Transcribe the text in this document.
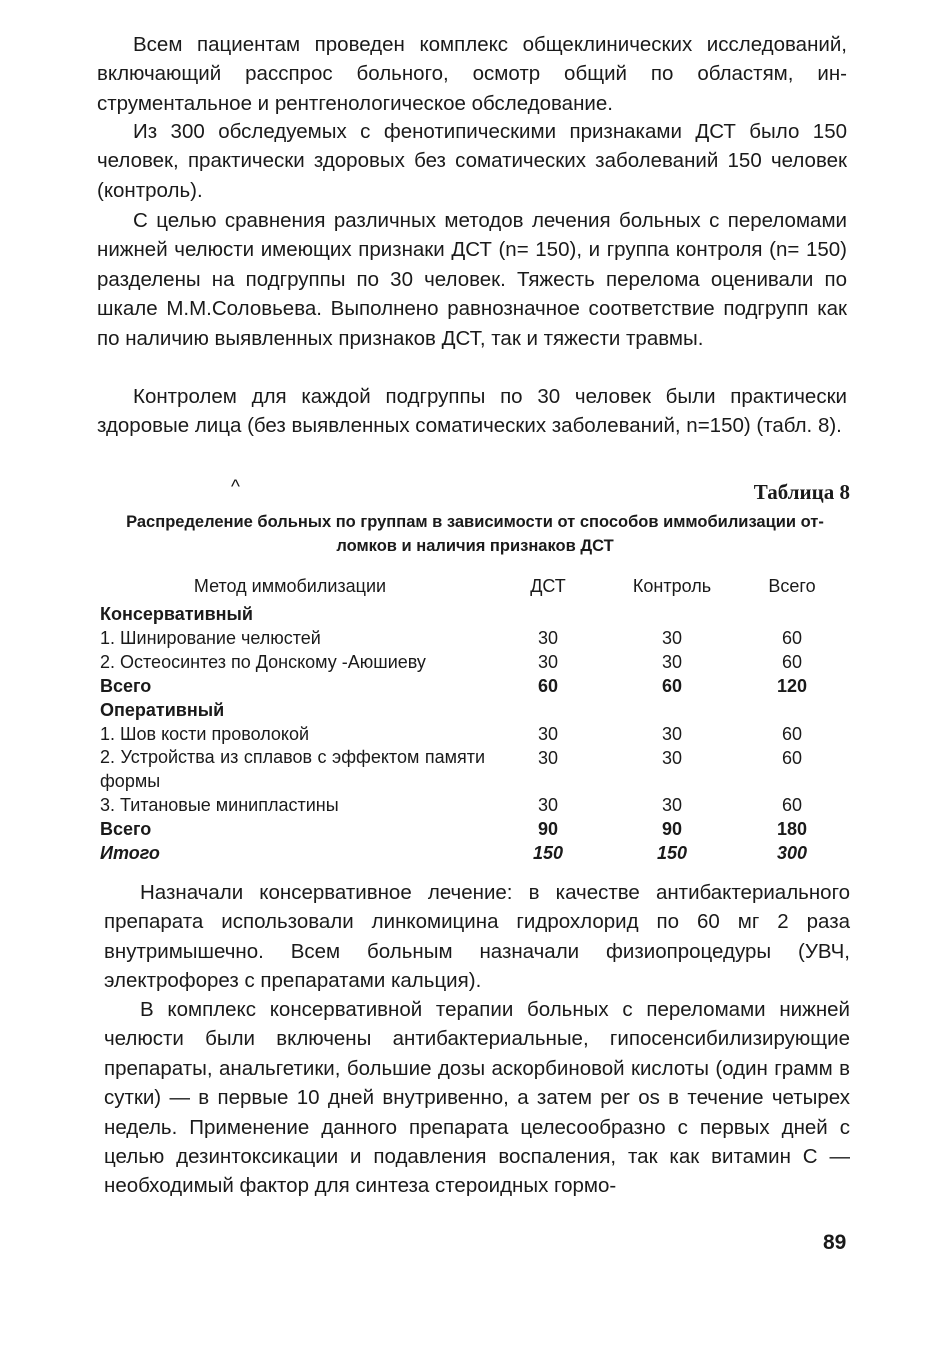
Всем пациентам проведен комплекс общеклинических исследований, включающий расспрос больного, осмотр общий по областям, инструментальное и рентгенологическое обследование.

Из 300 обследуемых с фенотипическими признаками ДСТ было 150 человек, практически здоровых без соматических заболеваний 150 человек (контроль).

С целью сравнения различных методов лечения больных с переломами нижней челюсти имеющих признаки ДСТ (n= 150), и группа контроля (n= 150) разделены на подгруппы по 30 человек. Тяжесть перелома оценивали по шкале М.М.Соловьева. Выполнено равнозначное соответствие подгрупп как по наличию выявленных признаков ДСТ, так и тяжести травмы.

Контролем для каждой подгруппы по 30 человек были практически здоровые лица (без выявленных соматических заболеваний, n=150) (табл. 8).

^	Таблица 8
Распределение больных по группам в зависимости от способов иммобилизации отломков и наличия признаков ДСТ
Метод иммобилизации	ДСТ	Контроль	Всего
Консервативный
1. Шинирование челюстей	30	30	60
2. Остеосинтез по Донскому -Аюшиеву	30	30	60
Всего	60	60	120
Оперативный
1. Шов кости проволокой	30	30	60
2. Устройства из сплавов с эффектом памяти формы
30	30	60
3. Титановые минипластины	30	30	60
Всего	90	90	180
Итого	150	150	300

Назначали консервативное лечение: в качестве антибактериального препарата использовали линкомицина гидрохлорид по 60 мг 2 раза внутримышечно. Всем больным назначали физиопроцедуры (УВЧ, электрофорез с препаратами кальция).

В комплекс консервативной терапии больных с переломами нижней челюсти были включены антибактериальные, гипосенсибилизирующие препараты, анальгетики, большие дозы аскорбиновой кислоты (один грамм в сутки) — в первые 10 дней внутривенно, а затем per os в течение четырех недель. Применение данного препарата целесообразно с первых дней с целью дезинтоксикации и подавления воспаления, так как витамин С — необходимый фактор для синтеза стероидных гормо-

89
